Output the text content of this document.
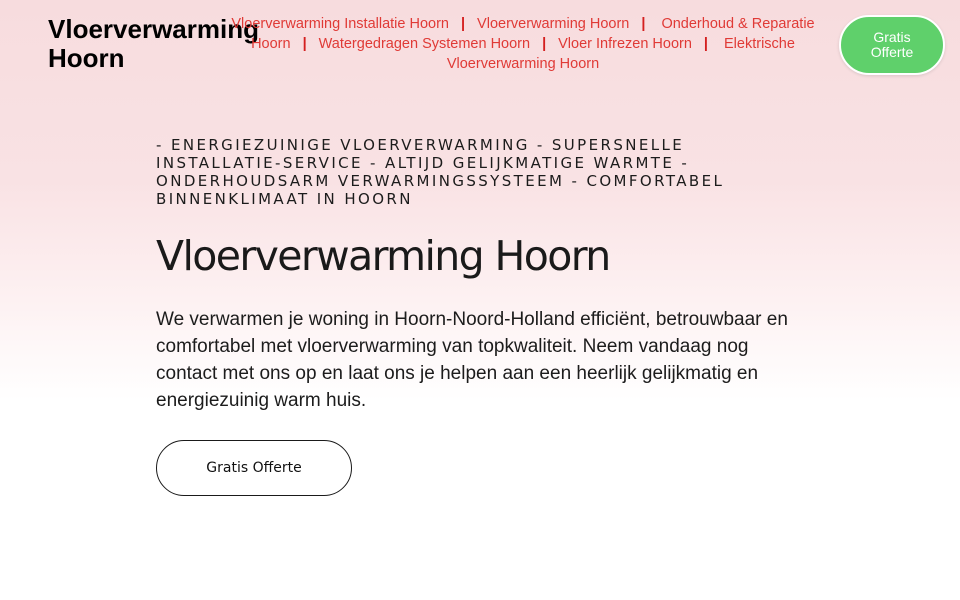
Vloerverwarming Hoorn
Vloerverwarming Installatie Hoorn | Vloerverwarming Hoorn | Onderhoud & Reparatie Hoorn | Watergedragen Systemen Hoorn | Vloer Infrezen Hoorn | Elektrische Vloerverwarming Hoorn
Gratis Offerte

- ENERGIEZUINIGE VLOERVERWARMING - SUPERSNELLE INSTALLATIE-SERVICE - ALTIJD GELIJKMATIGE WARMTE - ONDERHOUDSARM VERWARMINGSSYSTEEM - COMFORTABEL BINNENKLIMAAT IN HOORN

Vloerverwarming Hoorn

We verwarmen je woning in Hoorn-Noord-Holland efficiënt, betrouwbaar en comfortabel met vloerverwarming van topkwaliteit. Neem vandaag nog contact met ons op en laat ons je helpen aan een heerlijk gelijkmatig en energiezuinig warm huis.

Gratis Offerte
